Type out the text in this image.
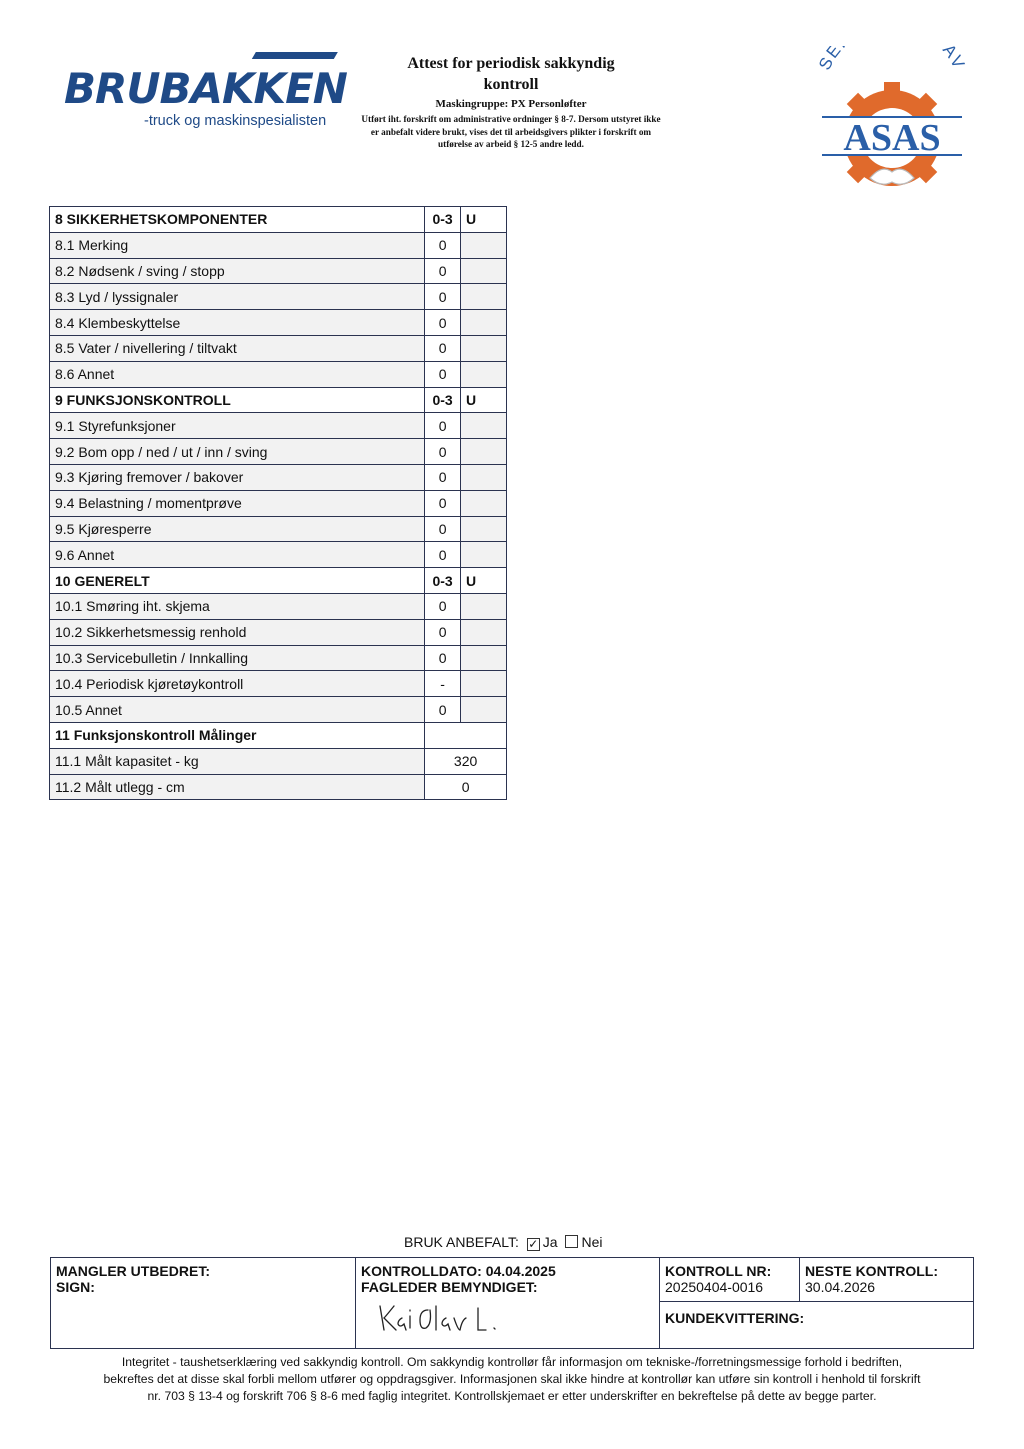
BRUBAKKEN
-truck og maskinspesialisten
Attest for periodisk sakkyndig
kontroll
Maskingruppe: PX Personløfter
Utført iht. forskrift om administrative ordninger § 8-7. Dersom utstyret ikke er anbefalt videre brukt, vises det til arbeidsgivers plikter i forskrift om utførelse av arbeid § 12-5 andre ledd.
SE AV
ASAS
8 SIKKERHETSKOMPONENTER	0-3	U
8.1 Merking	0	
8.2 Nødsenk / sving / stopp	0	
8.3 Lyd / lyssignaler	0	
8.4 Klembeskyttelse	0	
8.5 Vater / nivellering / tiltvakt	0	
8.6 Annet	0	
9 FUNKSJONSKONTROLL	0-3	U
9.1 Styrefunksjoner	0	
9.2 Bom opp / ned / ut / inn / sving	0	
9.3 Kjøring fremover / bakover	0	
9.4 Belastning / momentprøve	0	
9.5 Kjøresperre	0	
9.6 Annet	0	
10 GENERELT	0-3	U
10.1 Smøring iht. skjema	0	
10.2 Sikkerhetsmessig renhold	0	
10.3 Servicebulletin / Innkalling	0	
10.4 Periodisk kjøretøykontroll	-	
10.5 Annet	0	
11 Funksjonskontroll Målinger		
11.1 Målt kapasitet - kg	320	
11.2 Målt utlegg - cm	0	
BRUK ANBEFALT: ✓ Ja Nei
MANGLER UTBEDRET:
SIGN:
KONTROLLDATO: 04.04.2025
FAGLEDER BEMYNDIGET:
KONTROLL NR:
20250404-0016
NESTE KONTROLL:
30.04.2026
KUNDEKVITTERING:
Integritet - taushetserklæring ved sakkyndig kontroll. Om sakkyndig kontrollør får informasjon om tekniske-/forretningsmessige forhold i bedriften,
bekreftes det at disse skal forbli mellom utfører og oppdragsgiver. Informasjonen skal ikke hindre at kontrollør kan utføre sin kontroll i henhold til forskrift
nr. 703 § 13-4 og forskrift 706 § 8-6 med faglig integritet. Kontrollskjemaet er etter underskrifter en bekreftelse på dette av begge parter.
